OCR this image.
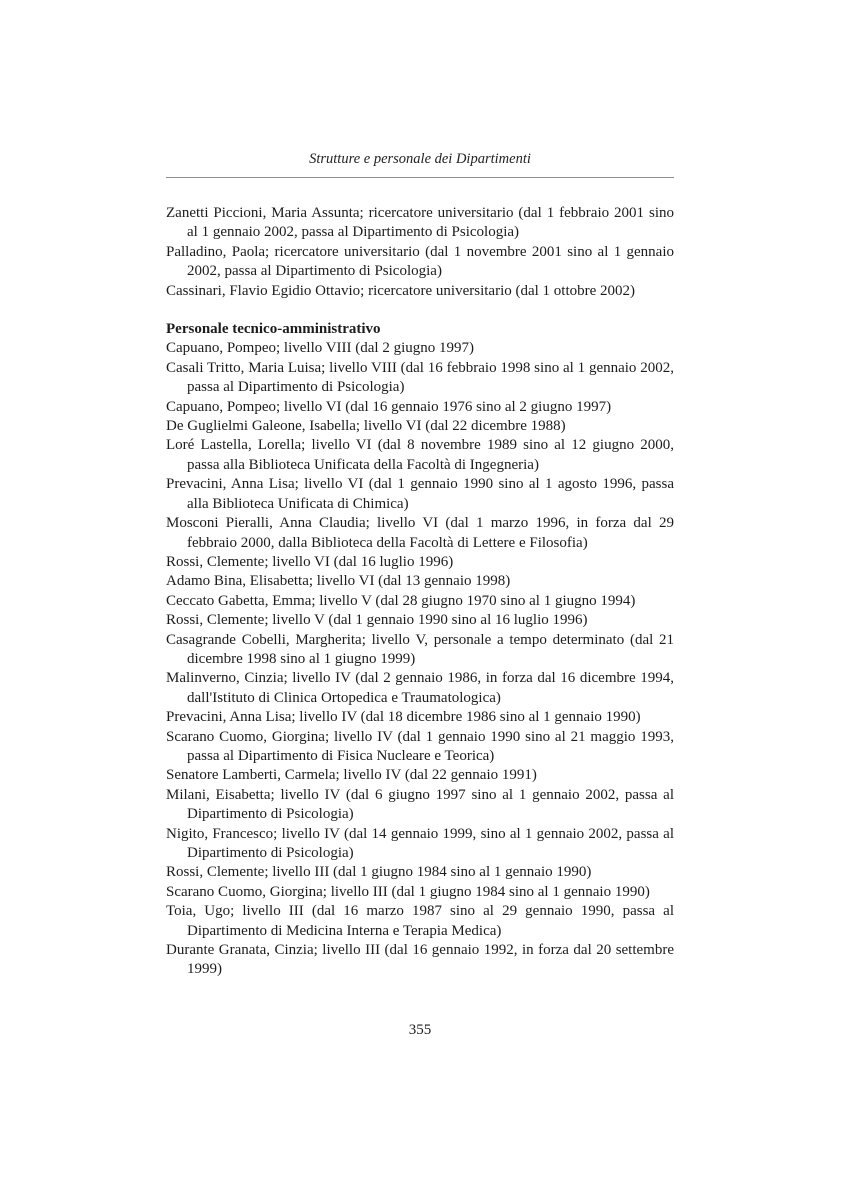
Strutture e personale dei Dipartimenti

Zanetti Piccioni, Maria Assunta; ricercatore universitario (dal 1 febbraio 2001 sino al 1 gennaio 2002, passa al Dipartimento di Psicologia)

Palladino, Paola; ricercatore universitario (dal 1 novembre 2001 sino al 1 gennaio 2002, passa al Dipartimento di Psicologia)

Cassinari, Flavio Egidio Ottavio; ricercatore universitario (dal 1 ottobre 2002)

Personale tecnico-amministrativo

Capuano, Pompeo; livello VIII (dal 2 giugno 1997)

Casali Tritto, Maria Luisa; livello VIII (dal 16 febbraio 1998 sino al 1 gennaio 2002, passa al Dipartimento di Psicologia)

Capuano, Pompeo; livello VI (dal 16 gennaio 1976 sino al 2 giugno 1997)

De Guglielmi Galeone, Isabella; livello VI (dal 22 dicembre 1988)

Loré Lastella, Lorella; livello VI (dal 8 novembre 1989 sino al 12 giugno 2000, passa alla Biblioteca Unificata della Facoltà di Ingegneria)

Prevacini, Anna Lisa; livello VI (dal 1 gennaio 1990 sino al 1 agosto 1996, passa alla Biblioteca Unificata di Chimica)

Mosconi Pieralli, Anna Claudia; livello VI (dal 1 marzo 1996, in forza dal 29 febbraio 2000, dalla Biblioteca della Facoltà di Lettere e Filosofia)

Rossi, Clemente; livello VI (dal 16 luglio 1996)

Adamo Bina, Elisabetta; livello VI (dal 13 gennaio 1998)

Ceccato Gabetta, Emma; livello V (dal 28 giugno 1970 sino al 1 giugno 1994)

Rossi, Clemente; livello V (dal 1 gennaio 1990 sino al 16 luglio 1996)

Casagrande Cobelli, Margherita; livello V, personale a tempo determinato (dal 21 dicembre 1998 sino al 1 giugno 1999)

Malinverno, Cinzia; livello IV (dal 2 gennaio 1986, in forza dal 16 dicembre 1994, dall'Istituto di Clinica Ortopedica e Traumatologica)

Prevacini, Anna Lisa; livello IV (dal 18 dicembre 1986 sino al 1 gennaio 1990)

Scarano Cuomo, Giorgina; livello IV (dal 1 gennaio 1990 sino al 21 maggio 1993, passa al Dipartimento di Fisica Nucleare e Teorica)

Senatore Lamberti, Carmela; livello IV (dal 22 gennaio 1991)

Milani, Eisabetta; livello IV (dal 6 giugno 1997 sino al 1 gennaio 2002, passa al Dipartimento di Psicologia)

Nigito, Francesco; livello IV (dal 14 gennaio 1999, sino al 1 gennaio 2002, passa al Dipartimento di Psicologia)

Rossi, Clemente; livello III (dal 1 giugno 1984 sino al 1 gennaio 1990)

Scarano Cuomo, Giorgina; livello III (dal 1 giugno 1984 sino al 1 gennaio 1990)

Toia, Ugo; livello III (dal 16 marzo 1987 sino al 29 gennaio 1990, passa al Dipartimento di Medicina Interna e Terapia Medica)

Durante Granata, Cinzia; livello III (dal 16 gennaio 1992, in forza dal 20 settembre 1999)

355
